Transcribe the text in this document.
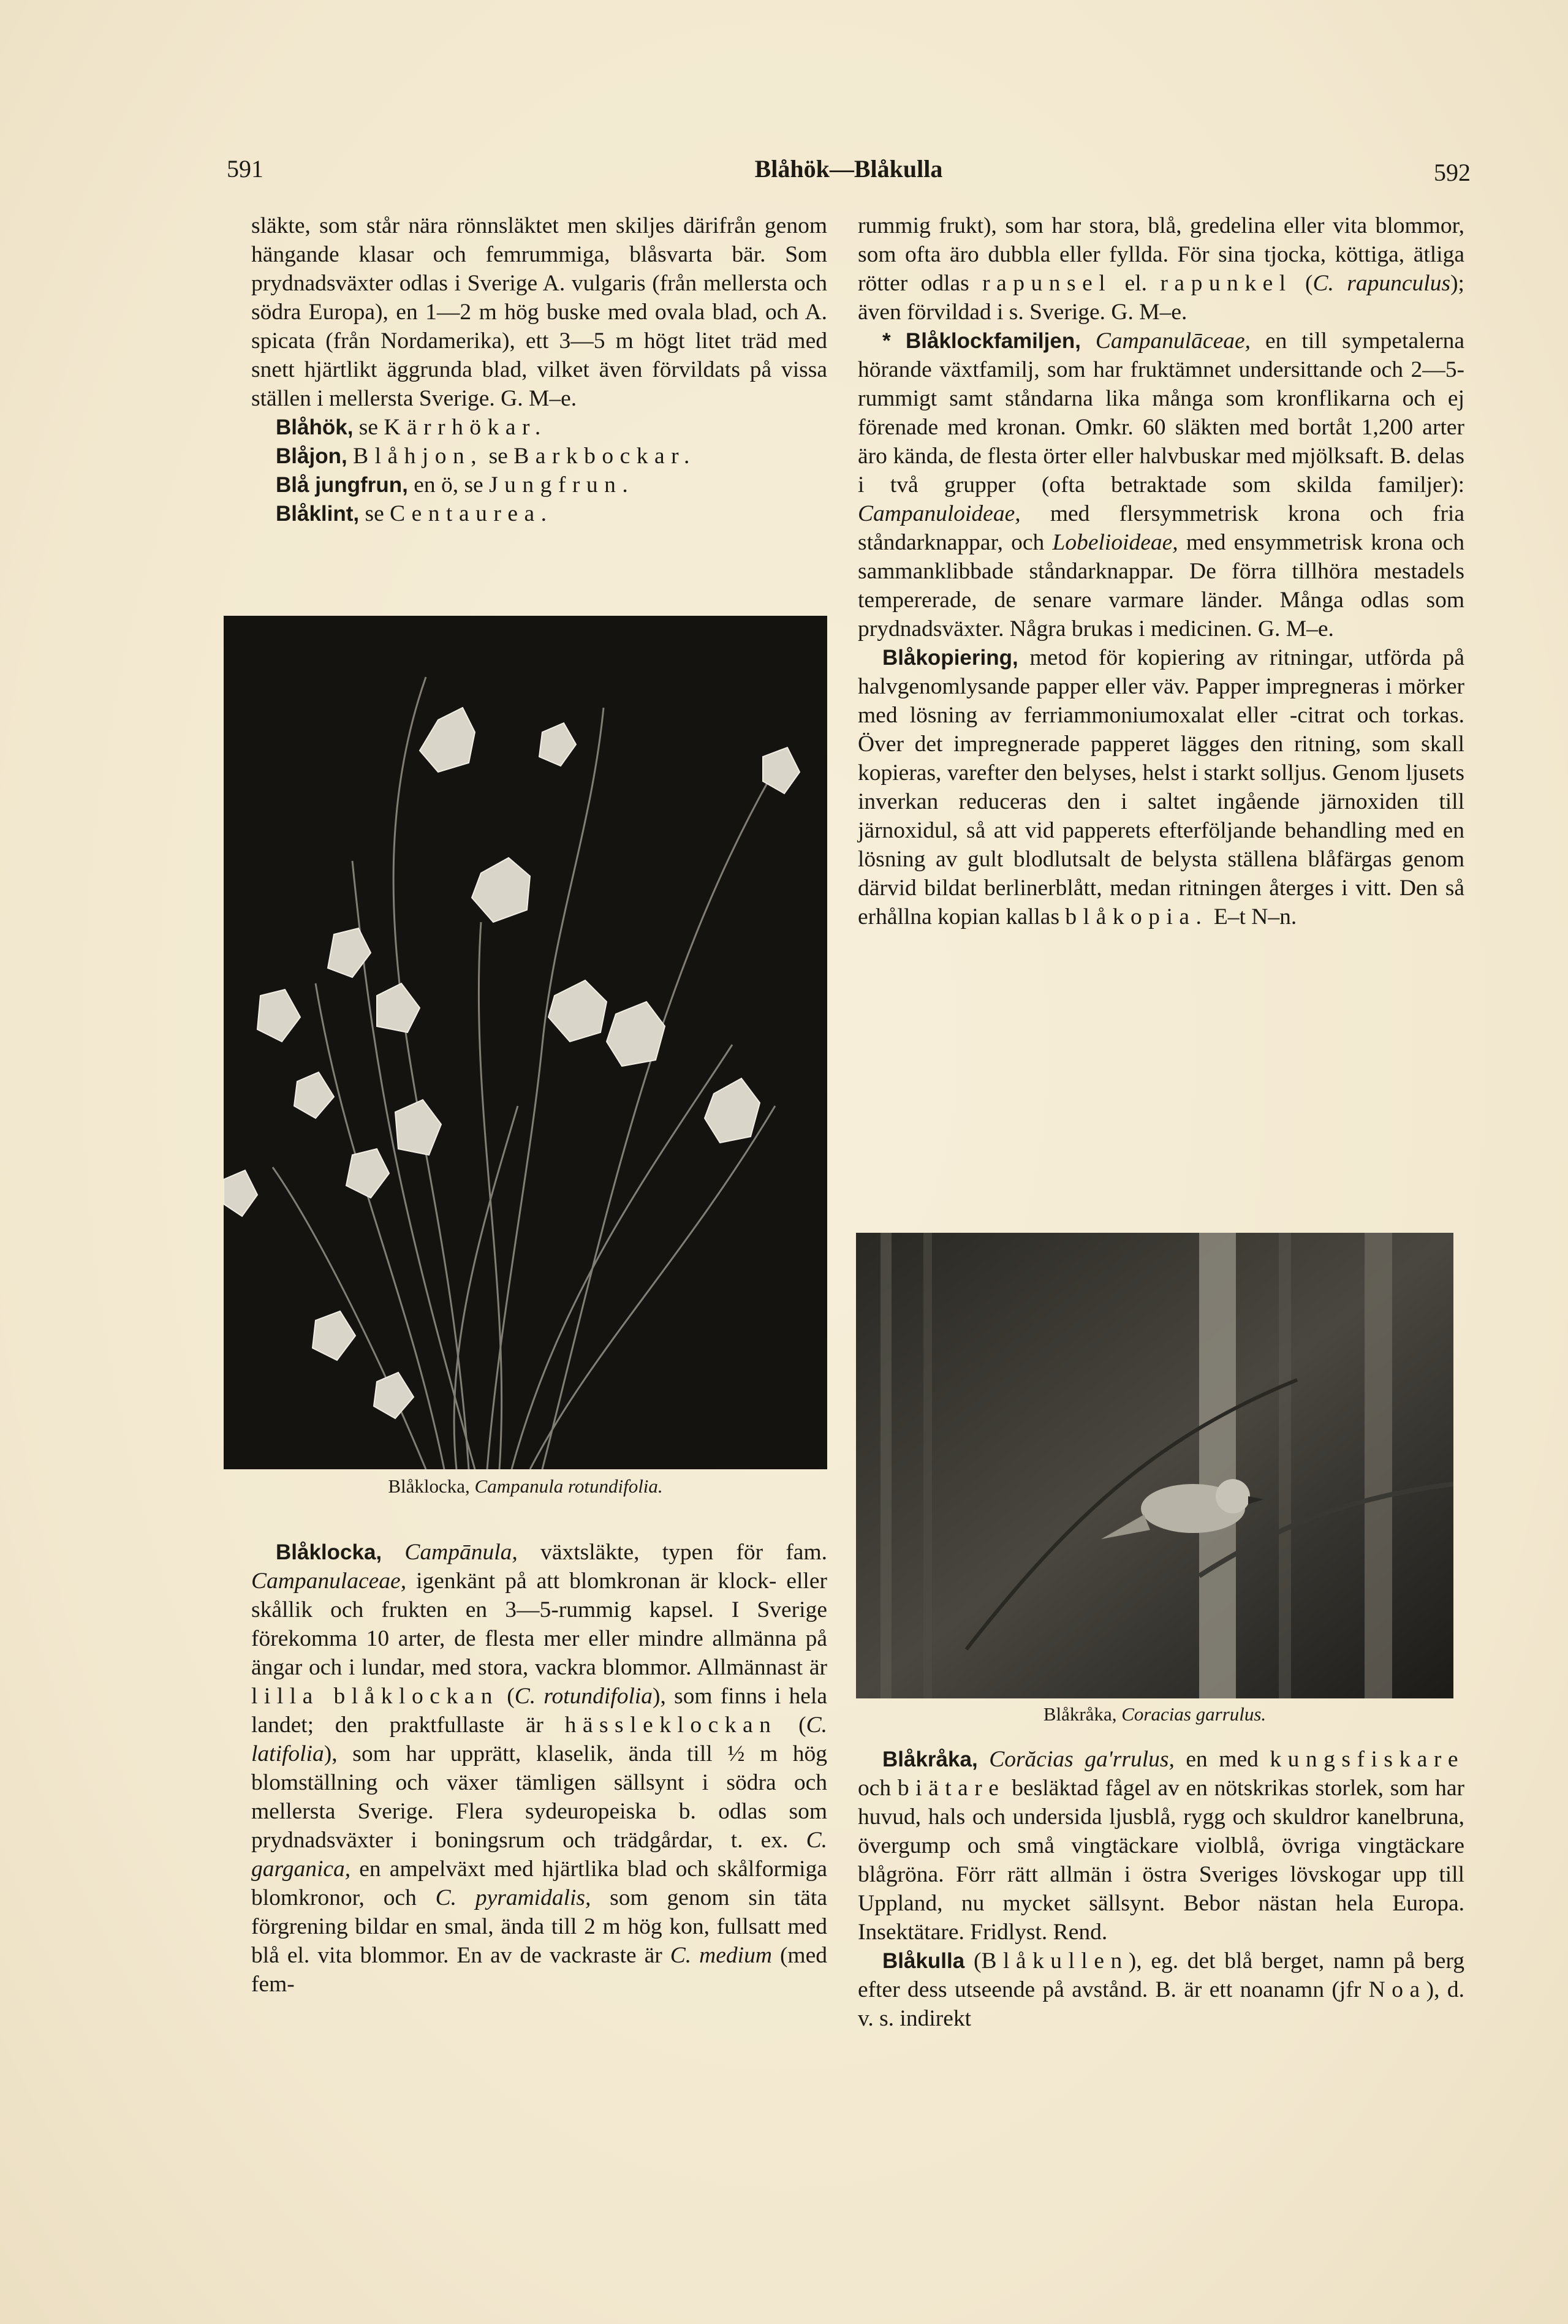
591	Blåhök—Blåkulla	592

släkte, som står nära rönnsläktet men skiljes därifrån genom hängande klasar och femrummiga, blåsvarta bär. Som prydnadsväxter odlas i Sverige A. vulgaris (från mellersta och södra Europa), en 1—2 m hög buske med ovala blad, och A. spicata (från Nordamerika), ett 3—5 m högt litet träd med snett hjärtlikt äggrunda blad, vilket även förvildats på vissa ställen i mellersta Sverige. G. M–e.

Blåhök, se Kärrhökar.

Blåjon, Blåhjon, se Barkbockar.

Blå jungfrun, en ö, se Jungfrun.

Blåklint, se Centaurea.

Blåklocka, Campanula rotundifolia.

Blåklocka, Campānula, växtsläkte, typen för fam. Campanulaceae, igenkänt på att blomkronan är klock- eller skållik och frukten en 3—5-rummig kapsel. I Sverige förekomma 10 arter, de flesta mer eller mindre allmänna på ängar och i lundar, med stora, vackra blommor. Allmännast är lilla blåklockan (C. rotundifolia), som finns i hela landet; den praktfullaste är hässleklockan (C. latifolia), som har upprätt, klaselik, ända till ½ m hög blomställning och växer tämligen sällsynt i södra och mellersta Sverige. Flera sydeuropeiska b. odlas som prydnadsväxter i boningsrum och trädgårdar, t. ex. C. garganica, en ampelväxt med hjärtlika blad och skålformiga blomkronor, och C. pyramidalis, som genom sin täta förgrening bildar en smal, ända till 2 m hög kon, fullsatt med blå el. vita blommor. En av de vackraste är C. medium (med fem-

rummig frukt), som har stora, blå, gredelina eller vita blommor, som ofta äro dubbla eller fyllda. För sina tjocka, köttiga, ätliga rötter odlas rapunsel el. rapunkel (C. rapunculus); även förvildad i s. Sverige. G. M–e.

* Blåklockfamiljen, Campanulāceae, en till sympetalerna hörande växtfamilj, som har fruktämnet undersittande och 2—5-rummigt samt ståndarna lika många som kronflikarna och ej förenade med kronan. Omkr. 60 släkten med bortåt 1,200 arter äro kända, de flesta örter eller halvbuskar med mjölksaft. B. delas i två grupper (ofta betraktade som skilda familjer): Campanuloideae, med flersymmetrisk krona och fria ståndarknappar, och Lobelioideae, med ensymmetrisk krona och sammanklibbade ståndarknappar. De förra tillhöra mestadels tempererade, de senare varmare länder. Många odlas som prydnadsväxter. Några brukas i medicinen. G. M–e.

Blåkopiering, metod för kopiering av ritningar, utförda på halvgenomlysande papper eller väv. Papper impregneras i mörker med lösning av ferriammoniumoxalat eller -citrat och torkas. Över det impregnerade papperet lägges den ritning, som skall kopieras, varefter den belyses, helst i starkt solljus. Genom ljusets inverkan reduceras den i saltet ingående järnoxiden till järnoxidul, så att vid papperets efterföljande behandling med en lösning av gult blodlutsalt de belysta ställena blåfärgas genom därvid bildat berlinerblått, medan ritningen återges i vitt. Den så erhållna kopian kallas blåkopia. E–t N–n.

Blåkråka, Coracias garrulus.

Blåkråka, Corăcias ga'rrulus, en med kungsfiskare och biätare besläktad fågel av en nötskrikas storlek, som har huvud, hals och undersida ljusblå, rygg och skuldror kanelbruna, övergump och små vingtäckare violblå, övriga vingtäckare blågröna. Förr rätt allmän i östra Sveriges lövskogar upp till Uppland, nu mycket sällsynt. Bebor nästan hela Europa. Insektätare. Fridlyst. Rend.

Blåkulla (Blåkullen), eg. det blå berget, namn på berg efter dess utseende på avstånd. B. är ett noanamn (jfr Noa), d. v. s. indirekt
